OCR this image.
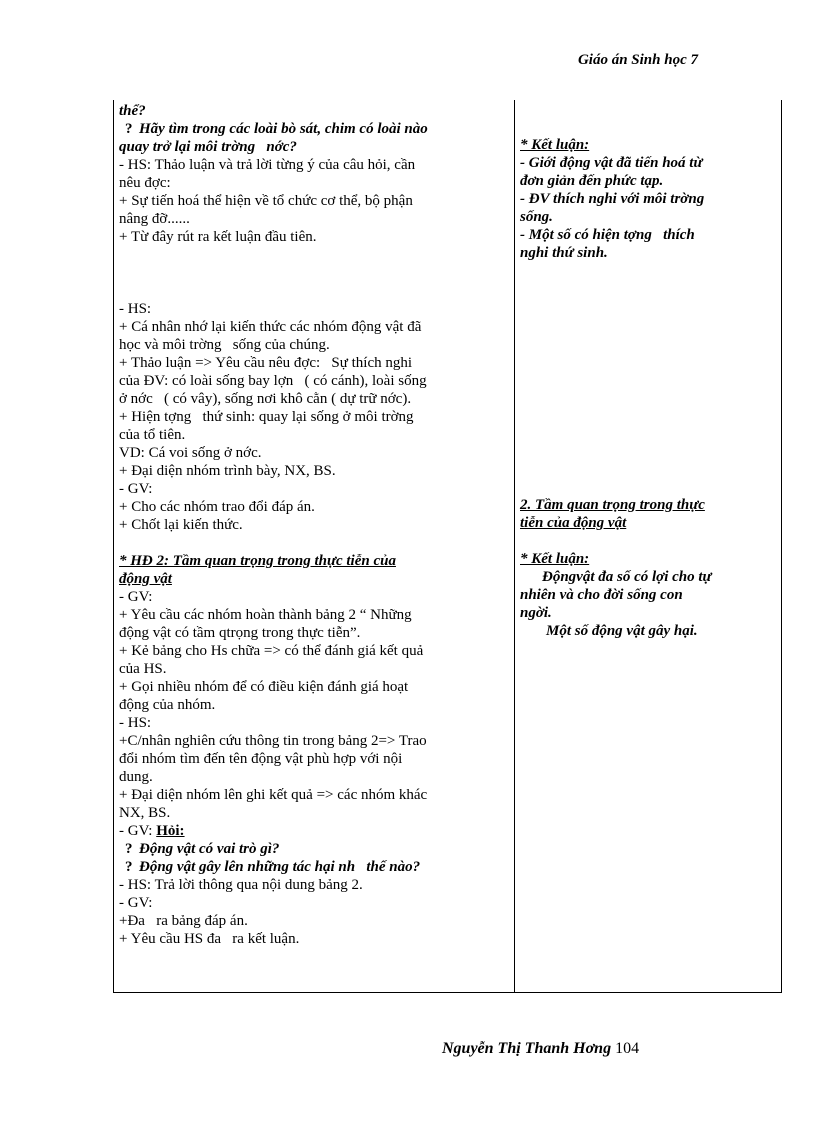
Giáo án Sinh học 7
thể?
? Hãy tìm trong các loài bò sát, chim có loài nào
quay trở lại môi trờng   nớc?
- HS: Thảo luận và trả lời từng ý của câu hỏi, cần
nêu đợc:
+ Sự tiến hoá thể hiện về tổ chức cơ thể, bộ phận
nâng đỡ......
+ Từ đây rút ra kết luận đầu tiên.
- HS:
+ Cá nhân nhớ lại kiến thức các nhóm động vật đã
học và môi trờng   sống của chúng.
+ Thảo luận => Yêu cầu nêu đợc:   Sự thích nghi
của ĐV: có loài sống bay lợn   ( có cánh), loài sống
ở nớc   ( có vây), sống nơi khô cằn ( dự trữ nớc).
+ Hiện tợng   thứ sinh: quay lại sống ở môi trờng
của tổ tiên.
VD: Cá voi sống ở nớc.
+ Đại diện nhóm trình bày, NX, BS.
- GV:
+ Cho các nhóm trao đổi đáp án.
+ Chốt lại kiến thức.
* HĐ 2: Tầm quan trọng trong thực tiễn của
động vật
- GV:
+ Yêu cầu các nhóm hoàn thành bảng 2 “ Những
động vật có tầm qtrọng trong thực tiễn”.
+ Kẻ bảng cho Hs chữa => có thể đánh giá kết quả
của HS.
+ Gọi nhiều nhóm để có điều kiện đánh giá hoạt
động của nhóm.
- HS:
+C/nhân nghiên cứu thông tin trong bảng 2=> Trao
đổi nhóm tìm đến tên động vật phù hợp với nội
dung.
+ Đại diện nhóm lên ghi kết quả => các nhóm khác
NX, BS.
- GV: Hỏi:
? Động vật có vai trò gì?
? Động vật gây lên những tác hại nh   thế nào?
- HS: Trả lời thông qua nội dung bảng 2.
- GV:
+Đa   ra bảng đáp án.
+ Yêu cầu HS đa   ra kết luận.
* Kết luận:
- Giới động vật đã tiến hoá từ
đơn giản đến phức tạp.
- ĐV thích nghi với môi trờng
sống.
- Một số có hiện tợng   thích
nghi thứ sinh.
2. Tầm quan trọng trong thực
tiễn của động vật
* Kết luận:
Độngvật đa số có lợi cho tự
nhiên và cho đời sống con
ngời.
Một số động vật gây hại.
Nguyễn Thị Thanh Hơng 104
